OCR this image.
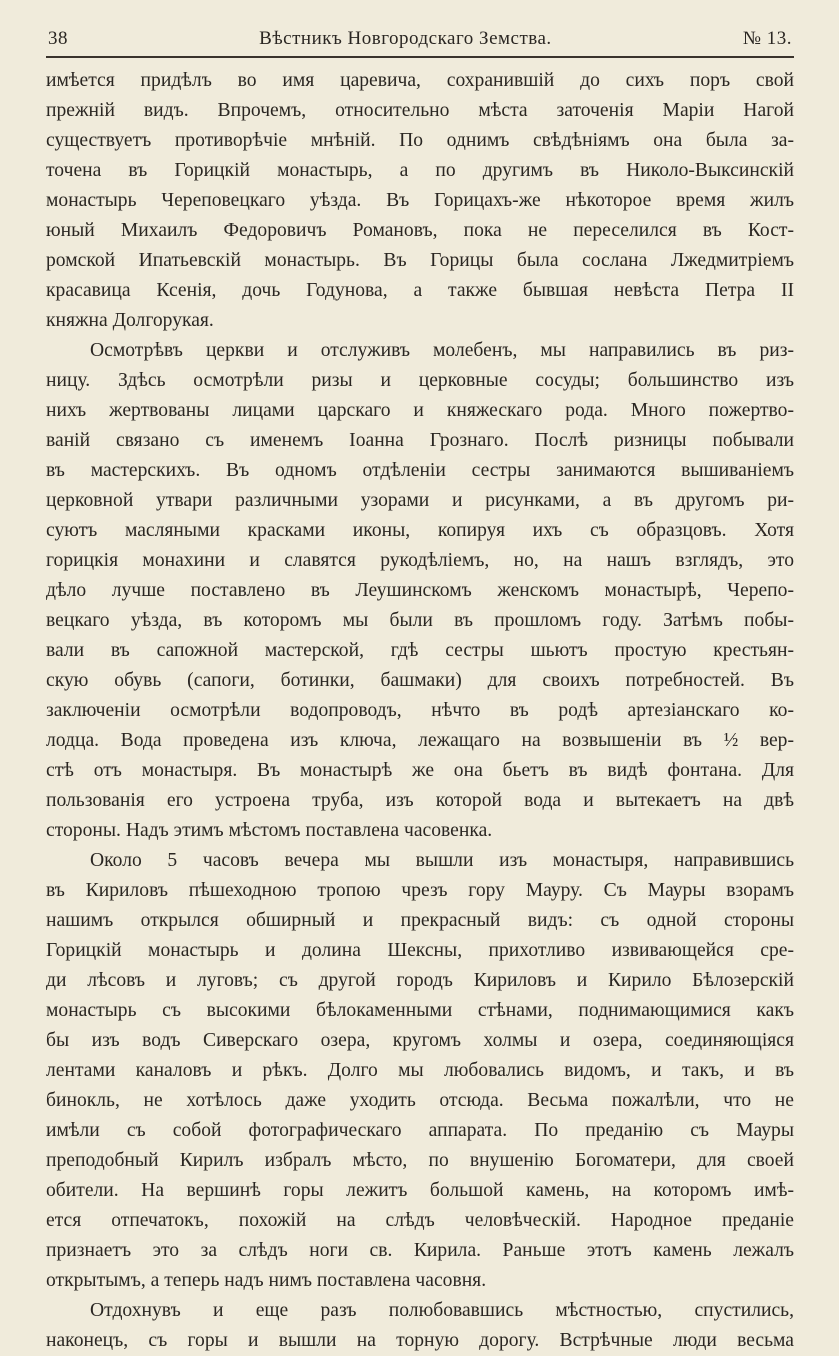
38	Вѣстникъ Новгородскаго Земства.	№ 13.

имѣется придѣлъ во имя царевича, сохранившій до сихъ поръ свой

прежній видъ. Впрочемъ, относительно мѣста заточенія Маріи Нагой

существуетъ противорѣчіе мнѣній. По однимъ свѣдѣніямъ она была за-

точена въ Горицкій монастырь, а по другимъ въ Николо-Выксинскій

монастырь Череповецкаго уѣзда. Въ Горицахъ-же нѣкоторое время жилъ

юный Михаилъ Федоровичъ Романовъ, пока не переселился въ Кост-

ромской Ипатьевскій монастырь. Въ Горицы была сослана Лжедмитріемъ

красавица Ксенія, дочь Годунова, а также бывшая невѣста Петра II

княжна Долгорукая.

Осмотрѣвъ церкви и отслуживъ молебенъ, мы направились въ риз-

ницу. Здѣсь осмотрѣли ризы и церковные сосуды; большинство изъ

нихъ жертвованы лицами царскаго и княжескаго рода. Много пожертво-

ваній связано съ именемъ Іоанна Грознаго. Послѣ ризницы побывали

въ мастерскихъ. Въ одномъ отдѣленіи сестры занимаются вышиваніемъ

церковной утвари различными узорами и рисунками, а въ другомъ ри-

суютъ масляными красками иконы, копируя ихъ съ образцовъ. Хотя

горицкія монахини и славятся рукодѣліемъ, но, на нашъ взглядъ, это

дѣло лучше поставлено въ Леушинскомъ женскомъ монастырѣ, Черепо-

вецкаго уѣзда, въ которомъ мы были въ прошломъ году. Затѣмъ побы-

вали въ сапожной мастерской, гдѣ сестры шьютъ простую крестьян-

скую обувь (сапоги, ботинки, башмаки) для своихъ потребностей. Въ

заключеніи осмотрѣли водопроводъ, нѣчто въ родѣ артезіанскаго ко-

лодца. Вода проведена изъ ключа, лежащаго на возвышеніи въ ½ вер-

стѣ отъ монастыря. Въ монастырѣ же она бьетъ въ видѣ фонтана. Для

пользованія его устроена труба, изъ которой вода и вытекаетъ на двѣ

стороны. Надъ этимъ мѣстомъ поставлена часовенка.

Около 5 часовъ вечера мы вышли изъ монастыря, направившись

въ Кириловъ пѣшеходною тропою чрезъ гору Мауру. Съ Мауры взорамъ

нашимъ открылся обширный и прекрасный видъ: съ одной стороны

Горицкій монастырь и долина Шексны, прихотливо извивающейся сре-

ди лѣсовъ и луговъ; съ другой городъ Кириловъ и Кирило Бѣлозерскій

монастырь съ высокими бѣлокаменными стѣнами, поднимающимися какъ

бы изъ водъ Сиверскаго озера, кругомъ холмы и озера, соединяющіяся

лентами каналовъ и рѣкъ. Долго мы любовались видомъ, и такъ, и въ

бинокль, не хотѣлось даже уходить отсюда. Весьма пожалѣли, что не

имѣли съ собой фотографическаго аппарата. По преданію съ Мауры

преподобный Кирилъ избралъ мѣсто, по внушенію Богоматери, для своей

обители. На вершинѣ горы лежитъ большой камень, на которомъ имѣ-

ется отпечатокъ, похожій на слѣдъ человѣческій. Народное преданіе

признаетъ это за слѣдъ ноги св. Кирила. Раньше этотъ камень лежалъ

открытымъ, а теперь надъ нимъ поставлена часовня.

Отдохнувъ и еще разъ полюбовавшись мѣстностью, спустились,

наконецъ, съ горы и вышли на торную дорогу. Встрѣчные люди весьма
